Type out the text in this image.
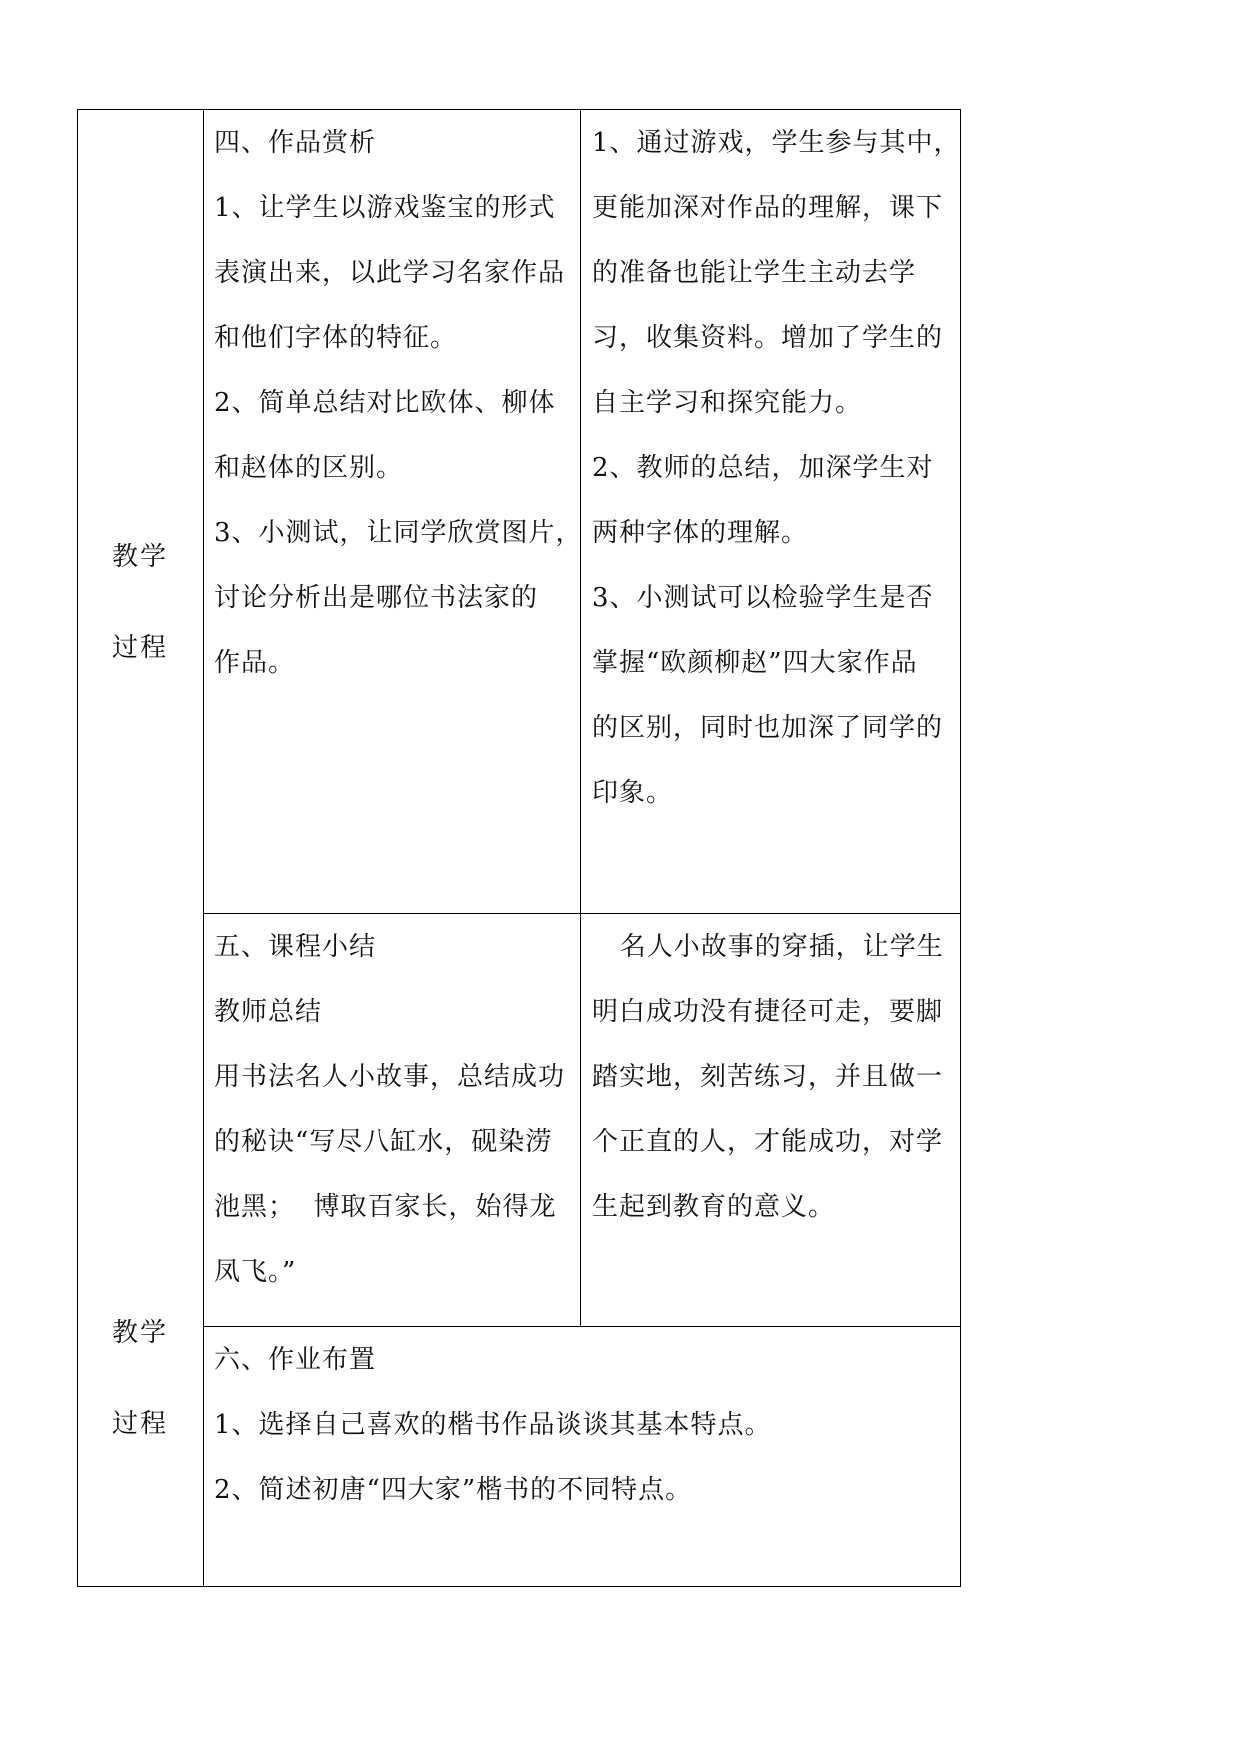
教学

过程

教学

过程

四、作品赏析

1、让学生以游戏鉴宝的形式

表演出来，以此学习名家作品

和他们字体的特征。

2、简单总结对比欧体、柳体

和赵体的区别。

3、小测试，让同学欣赏图片，

讨论分析出是哪位书法家的

作品。

1、通过游戏，学生参与其中，

更能加深对作品的理解，课下

的准备也能让学生主动去学

习，收集资料。增加了学生的

自主学习和探究能力。

2、教师的总结，加深学生对

两种字体的理解。

3、小测试可以检验学生是否

掌握“欧颜柳赵”四大家作品

的区别，同时也加深了同学的

印象。

五、课程小结

教师总结

用书法名人小故事，总结成功

的秘诀“写尽八缸水，砚染涝

池黑；  博取百家长，始得龙

凤飞。”

名人小故事的穿插，让学生

明白成功没有捷径可走，要脚

踏实地，刻苦练习，并且做一

个正直的人，才能成功，对学

生起到教育的意义。

六、作业布置

1、选择自己喜欢的楷书作品谈谈其基本特点。

2、简述初唐“四大家”楷书的不同特点。
